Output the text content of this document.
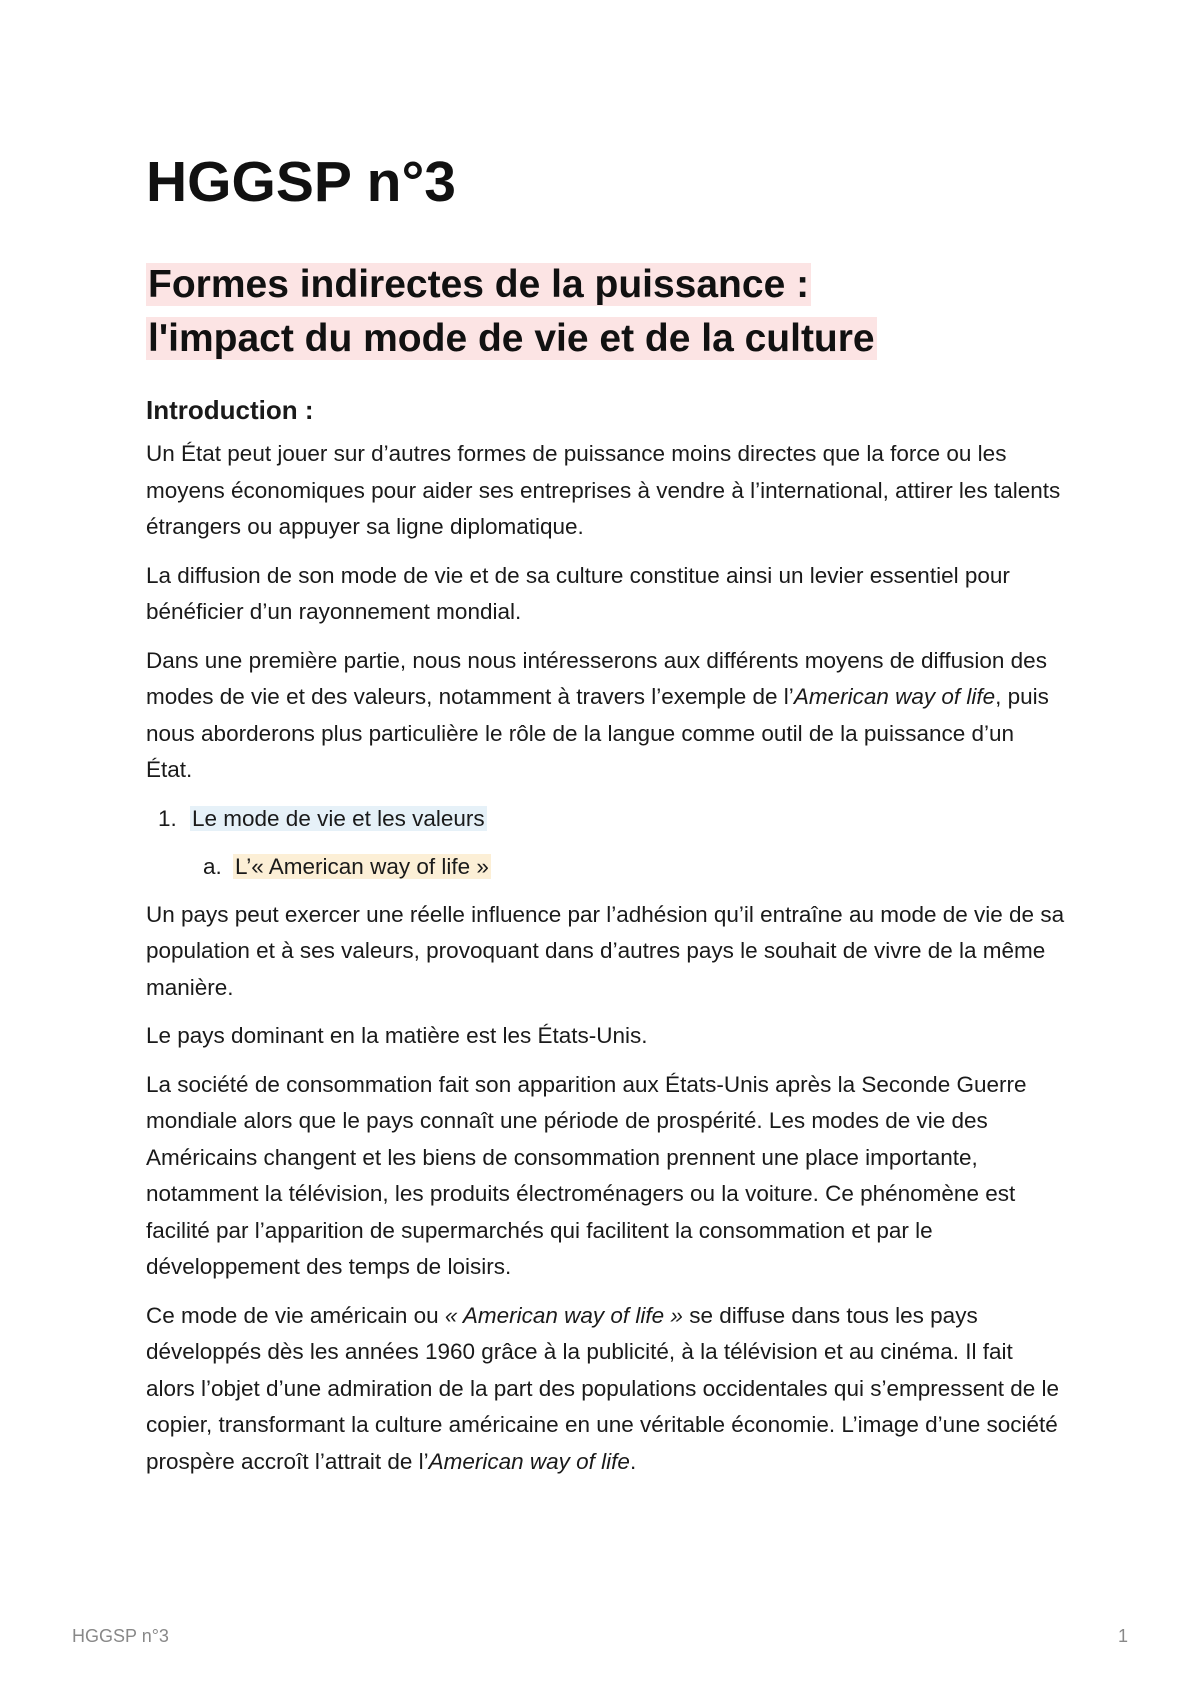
HGGSP n°3
Formes indirectes de la puissance :
l'impact du mode de vie et de la culture
Introduction :

Un État peut jouer sur d’autres formes de puissance moins directes que la force ou les moyens économiques pour aider ses entreprises à vendre à l’international, attirer les talents étrangers ou appuyer sa ligne diplomatique.

La diffusion de son mode de vie et de sa culture constitue ainsi un levier essentiel pour bénéficier d’un rayonnement mondial.

Dans une première partie, nous nous intéresserons aux différents moyens de diffusion des modes de vie et des valeurs, notamment à travers l’exemple de l’American way of life, puis nous aborderons plus particulière le rôle de la langue comme outil de la puissance d’un État.

1. Le mode de vie et les valeurs
a. L’« American way of life »

Un pays peut exercer une réelle influence par l’adhésion qu’il entraîne au mode de vie de sa population et à ses valeurs, provoquant dans d’autres pays le souhait de vivre de la même manière.

Le pays dominant en la matière est les États-Unis.

La société de consommation fait son apparition aux États-Unis après la Seconde Guerre mondiale alors que le pays connaît une période de prospérité. Les modes de vie des Américains changent et les biens de consommation prennent une place importante, notamment la télévision, les produits électroménagers ou la voiture. Ce phénomène est facilité par l’apparition de supermarchés qui facilitent la consommation et par le développement des temps de loisirs.

Ce mode de vie américain ou « American way of life » se diffuse dans tous les pays développés dès les années 1960 grâce à la publicité, à la télévision et au cinéma. Il fait alors l’objet d’une admiration de la part des populations occidentales qui s’empressent de le copier, transformant la culture américaine en une véritable économie. L’image d’une société prospère accroît l’attrait de l’American way of life.

HGGSP n°3	1
